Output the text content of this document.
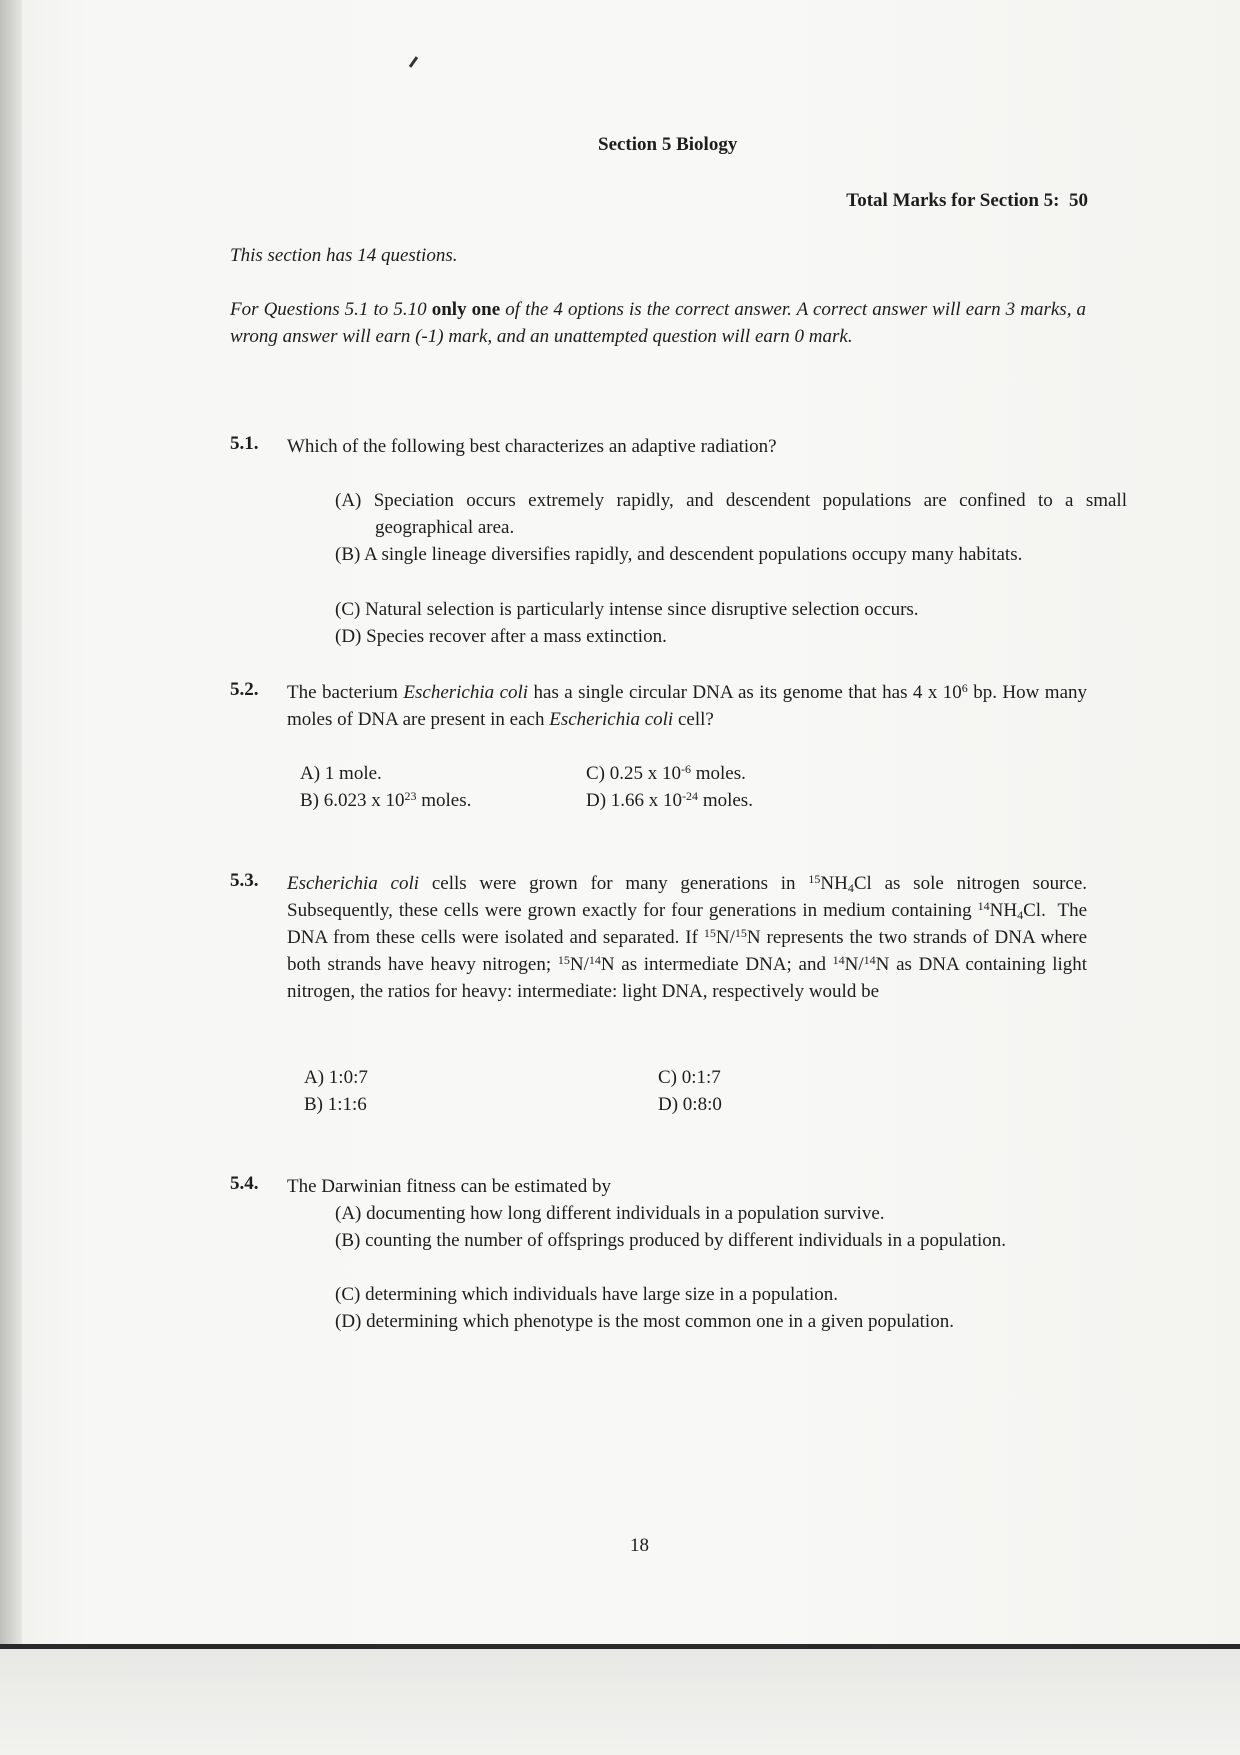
Section 5 Biology
Total Marks for Section 5: 50
This section has 14 questions.
For Questions 5.1 to 5.10 only one of the 4 options is the correct answer. A correct answer will earn 3 marks, a wrong answer will earn (-1) mark, and an unattempted question will earn 0 mark.
5.1. Which of the following best characterizes an adaptive radiation?
(A) Speciation occurs extremely rapidly, and descendent populations are confined to a small geographical area.
(B) A single lineage diversifies rapidly, and descendent populations occupy many habitats.
(C) Natural selection is particularly intense since disruptive selection occurs.
(D) Species recover after a mass extinction.
5.2. The bacterium Escherichia coli has a single circular DNA as its genome that has 4 x $10^6$ bp. How many moles of DNA are present in each Escherichia coli cell?
A) 1 mole.
B) 6.023 x $10^{23}$ moles.
C) 0.25 x $10^{-6}$ moles.
D) 1.66 x $10^{-24}$ moles.
5.3. Escherichia coli cells were grown for many generations in $^{15}NH_4Cl$ as sole nitrogen source. Subsequently, these cells were grown exactly for four generations in medium containing $^{14}NH_4Cl$.  The DNA from these cells were isolated and separated. If $^{15}$N/$^{15}$N represents the two strands of DNA where both strands have heavy nitrogen; $^{15}$N/$^{14}$N as intermediate DNA; and $^{14}$N/$^{14}$N as DNA containing light nitrogen, the ratios for heavy: intermediate: light DNA, respectively would be
A) 1:0:7
B) 1:1:6
C) 0:1:7
D) 0:8:0
5.4. The Darwinian fitness can be estimated by
(A) documenting how long different individuals in a population survive.
(B) counting the number of offsprings produced by different individuals in a population.
(C) determining which individuals have large size in a population.
(D) determining which phenotype is the most common one in a given population.
18
